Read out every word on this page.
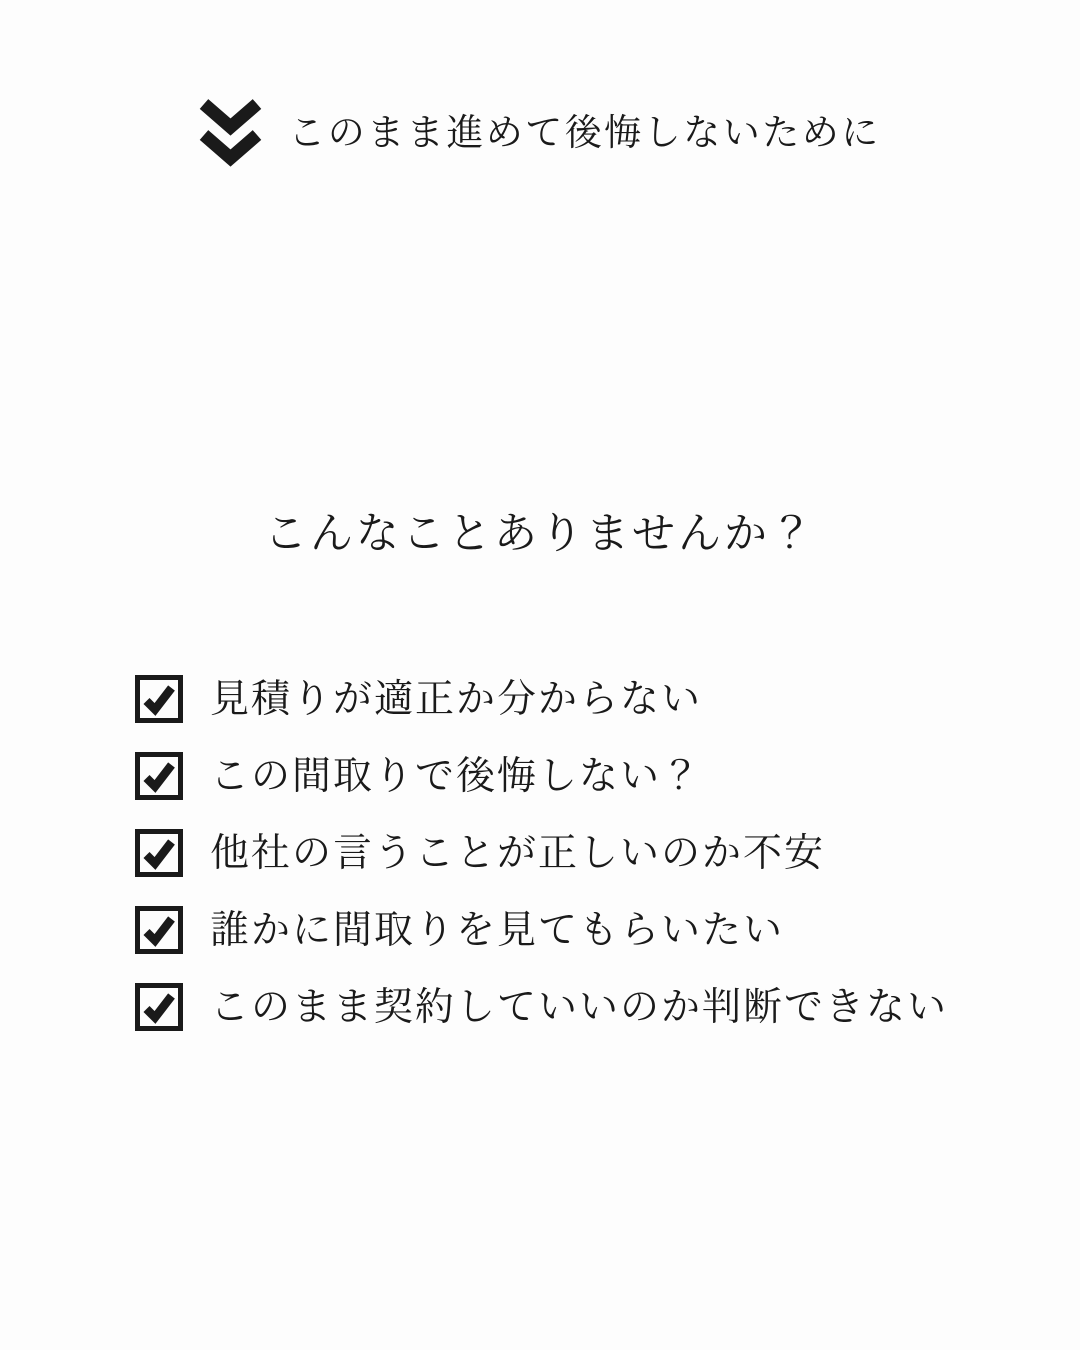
このまま進めて後悔しないために
こんなことありませんか？
見積りが適正か分からない
この間取りで後悔しない？
他社の言うことが正しいのか不安
誰かに間取りを見てもらいたい
このまま契約していいのか判断できない
